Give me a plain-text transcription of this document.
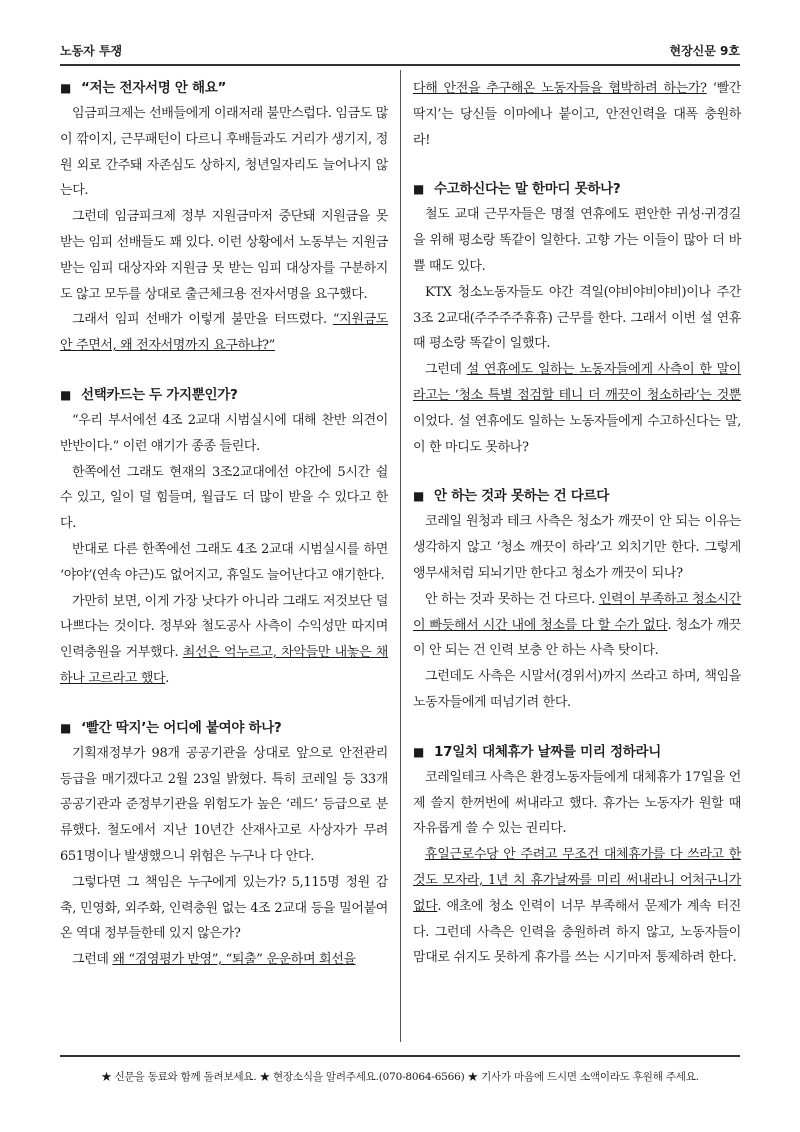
노동자 투쟁	현장신문 9호
■ “저는 전자서명 안 해요”

임금피크제는 선배들에게 이래저래 불만스럽다. 임금도 많이 깎이지, 근무패턴이 다르니 후배들과도 거리가 생기지, 정원 외로 간주돼 자존심도 상하지, 청년일자리도 늘어나지 않는다.

그런데 임금피크제 정부 지원금마저 중단돼 지원금을 못 받는 임피 선배들도 꽤 있다. 이런 상황에서 노동부는 지원금 받는 임피 대상자와 지원금 못 받는 임피 대상자를 구분하지도 않고 모두를 상대로 출근체크용 전자서명을 요구했다.

그래서 임피 선배가 이렇게 불만을 터뜨렸다. “지원금도 안 주면서, 왜 전자서명까지 요구하냐?”

■ 선택카드는 두 가지뿐인가?

“우리 부서에선 4조 2교대 시범실시에 대해 찬반 의견이 반반이다.” 이런 얘기가 종종 들린다.

한쪽에선 그래도 현재의 3조2교대에선 야간에 5시간 쉴 수 있고, 일이 덜 힘들며, 월급도 더 많이 받을 수 있다고 한다.

반대로 다른 한쪽에선 그래도 4조 2교대 시범실시를 하면 ‘야야’(연속 야근)도 없어지고, 휴일도 늘어난다고 얘기한다.

가만히 보면, 이게 가장 낫다가 아니라 그래도 저것보단 덜 나쁘다는 것이다. 정부와 철도공사 사측이 수익성만 따지며 인력충원을 거부했다. 최선은 억누르고, 차악들만 내놓은 채 하나 고르라고 했다.

■ ‘빨간 딱지’는 어디에 붙여야 하나?

기획재정부가 98개 공공기관을 상대로 앞으로 안전관리 등급을 매기겠다고 2월 23일 밝혔다. 특히 코레일 등 33개 공공기관과 준정부기관을 위험도가 높은 ‘레드’ 등급으로 분류했다. 철도에서 지난 10년간 산재사고로 사상자가 무려 651명이나 발생했으니 위험은 누구나 다 안다.

그렇다면 그 책임은 누구에게 있는가? 5,115명 정원 감축, 민영화, 외주화, 인력충원 없는 4조 2교대 등을 밀어붙여온 역대 정부들한테 있지 않은가?

그런데 왜 “경영평가 반영”, “퇴출” 운운하며 회선을

다해 안전을 추구해온 노동자들을 협박하려 하는가? ‘빨간 딱지’는 당신들 이마에나 붙이고, 안전인력을 대폭 충원하라!

■ 수고하신다는 말 한마디 못하나?

철도 교대 근무자들은 명절 연휴에도 편안한 귀성·귀경길을 위해 평소랑 똑같이 일한다. 고향 가는 이들이 많아 더 바쁠 때도 있다.

KTX 청소노동자들도 야간 격일(야비야비야비)이나 주간 3조 2교대(주주주주휴휴) 근무를 한다. 그래서 이번 설 연휴 때 평소랑 똑같이 일했다.

그런데 설 연휴에도 일하는 노동자들에게 사측이 한 말이라고는 ‘청소 특별 점검할 테니 더 깨끗이 청소하라’는 것뿐이었다. 설 연휴에도 일하는 노동자들에게 수고하신다는 말, 이 한 마디도 못하나?

■ 안 하는 것과 못하는 건 다르다

코레일 원청과 테크 사측은 청소가 깨끗이 안 되는 이유는 생각하지 않고 ‘청소 깨끗이 하라’고 외치기만 한다. 그렇게 앵무새처럼 되뇌기만 한다고 청소가 깨끗이 되나?

안 하는 것과 못하는 건 다르다. 인력이 부족하고 청소시간이 빠듯해서 시간 내에 청소를 다 할 수가 없다. 청소가 깨끗이 안 되는 건 인력 보충 안 하는 사측 탓이다.

그런데도 사측은 시말서(경위서)까지 쓰라고 하며, 책임을 노동자들에게 떠넘기려 한다.

■ 17일치 대체휴가 날짜를 미리 정하라니

코레일테크 사측은 환경노동자들에게 대체휴가 17일을 언제 쓸지 한꺼번에 써내라고 했다. 휴가는 노동자가 원할 때 자유롭게 쓸 수 있는 권리다.

휴일근로수당 안 주려고 무조건 대체휴가를 다 쓰라고 한 것도 모자라, 1년 치 휴가날짜를 미리 써내라니 어처구니가 없다. 애초에 청소 인력이 너무 부족해서 문제가 계속 터진다. 그런데 사측은 인력을 충원하려 하지 않고, 노동자들이 맘대로 쉬지도 못하게 휴가를 쓰는 시기마저 통제하려 한다.

★ 신문을 동료와 함께 돌려보세요. ★ 현장소식을 알려주세요.(070-8064-6566) ★ 기사가 마음에 드시면 소액이라도 후원해 주세요.
